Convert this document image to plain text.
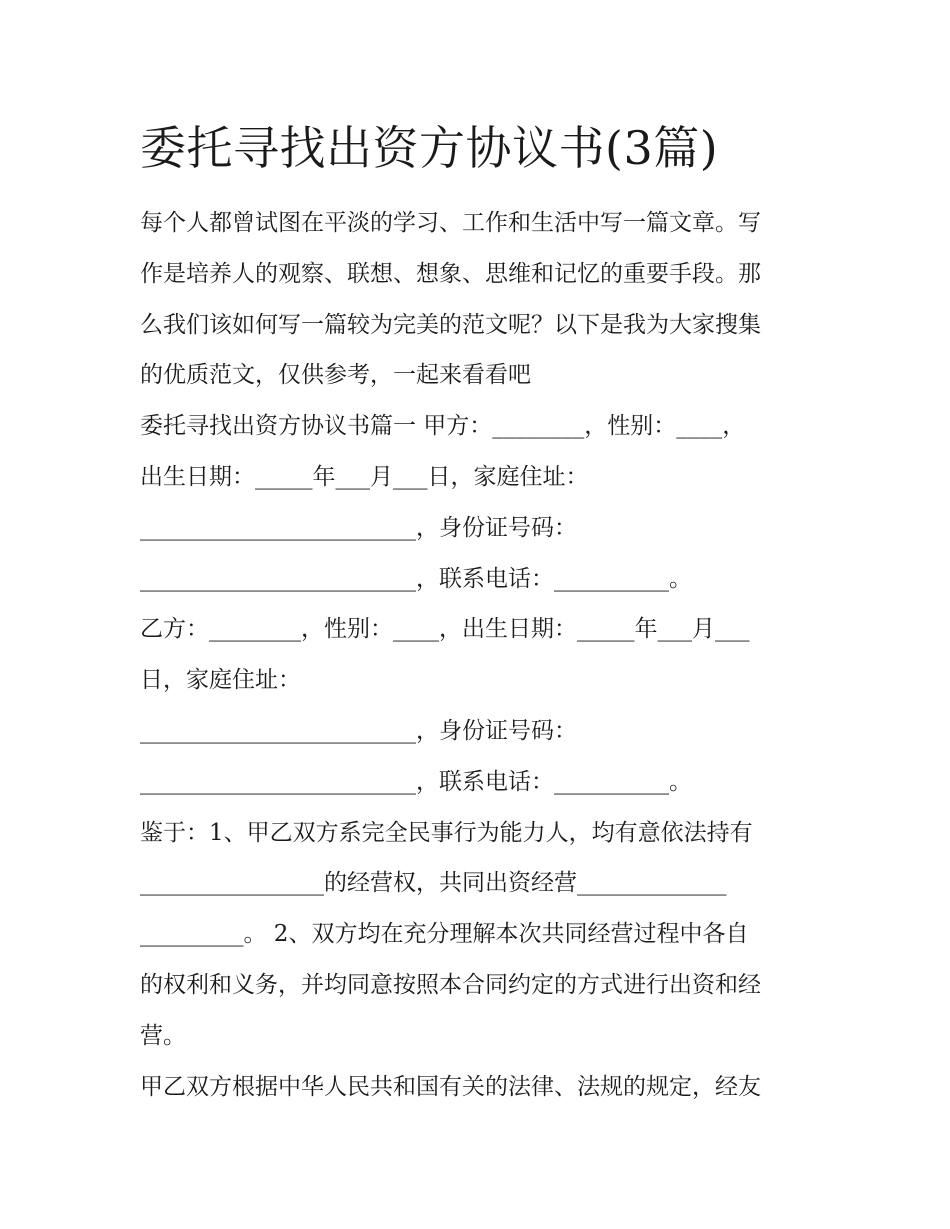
委托寻找出资方协议书(3篇)

每个人都曾试图在平淡的学习、工作和生活中写一篇文章。写

作是培养人的观察、联想、想象、思维和记忆的重要手段。那

么我们该如何写一篇较为完美的范文呢？以下是我为大家搜集

的优质范文，仅供参考，一起来看看吧

委托寻找出资方协议书篇一 甲方：________，性别：____，

出生日期：_____年___月___日，家庭住址：

________________________，身份证号码：

________________________，联系电话：__________。

乙方：________，性别：____，出生日期：_____年___月___

日，家庭住址：

________________________，身份证号码：

________________________，联系电话：__________。

鉴于：1、甲乙双方系完全民事行为能力人，均有意依法持有

________________的经营权，共同出资经营_____________

_________。 2、双方均在充分理解本次共同经营过程中各自

的权利和义务，并均同意按照本合同约定的方式进行出资和经

营。

甲乙双方根据中华人民共和国有关的法律、法规的规定，经友
